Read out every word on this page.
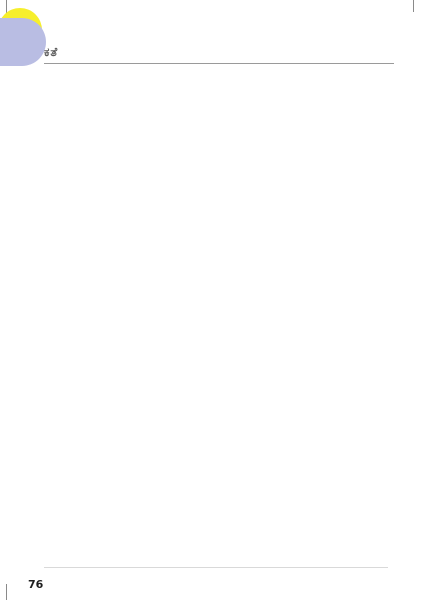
ಕತೆ

76
